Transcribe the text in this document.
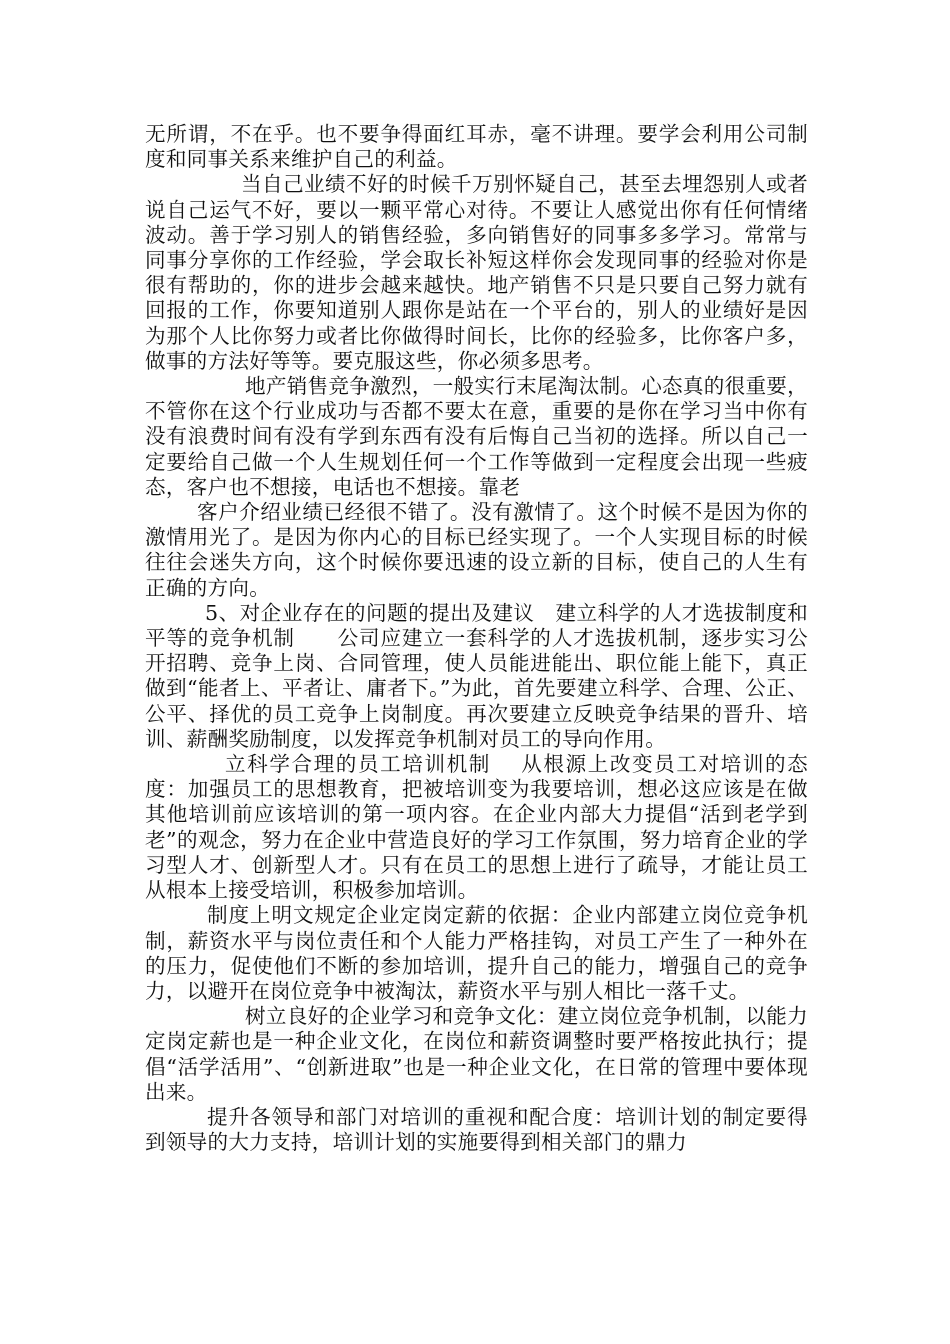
无所谓，不在乎。也不要争得面红耳赤，毫不讲理。要学会利用公司制度和同事关系来维护自己的利益。

当自己业绩不好的时候千万别怀疑自己，甚至去埋怨别人或者说自己运气不好，要以一颗平常心对待。不要让人感觉出你有任何情绪波动。善于学习别人的销售经验，多向销售好的同事多多学习。常常与同事分享你的工作经验，学会取长补短这样你会发现同事的经验对你是很有帮助的，你的进步会越来越快。地产销售不只是只要自己努力就有回报的工作，你要知道别人跟你是站在一个平台的，别人的业绩好是因为那个人比你努力或者比你做得时间长，比你的经验多，比你客户多，做事的方法好等等。要克服这些，你必须多思考。

地产销售竞争激烈，一般实行末尾淘汰制。心态真的很重要，不管你在这个行业成功与否都不要太在意，重要的是你在学习当中你有没有浪费时间有没有学到东西有没有后悔自己当初的选择。所以自己一定要给自己做一个人生规划任何一个工作等做到一定程度会出现一些疲态，客户也不想接，电话也不想接。靠老

客户介绍业绩已经很不错了。没有激情了。这个时候不是因为你的激情用光了。是因为你内心的目标已经实现了。一个人实现目标的时候往往会迷失方向，这个时候你要迅速的设立新的目标，使自己的人生有正确的方向。

5、对企业存在的问题的提出及建议　建立科学的人才选拔制度和平等的竞争机制　　公司应建立一套科学的人才选拔机制，逐步实习公开招聘、竞争上岗、合同管理，使人员能进能出、职位能上能下，真正做到“能者上、平者让、庸者下。”为此，首先要建立科学、合理、公正、公平、择优的员工竞争上岗制度。再次要建立反映竞争结果的晋升、培训、薪酬奖励制度，以发挥竞争机制对员工的导向作用。

立科学合理的员工培训机制　 从根源上改变员工对培训的态度：加强员工的思想教育，把被培训变为我要培训，想必这应该是在做其他培训前应该培训的第一项内容。在企业内部大力提倡“活到老学到老”的观念，努力在企业中营造良好的学习工作氛围，努力培育企业的学习型人才、创新型人才。只有在员工的思想上进行了疏导，才能让员工从根本上接受培训，积极参加培训。

制度上明文规定企业定岗定薪的依据：企业内部建立岗位竞争机制，薪资水平与岗位责任和个人能力严格挂钩，对员工产生了一种外在的压力，促使他们不断的参加培训，提升自己的能力，增强自己的竞争力，以避开在岗位竞争中被淘汰，薪资水平与别人相比一落千丈。

树立良好的企业学习和竞争文化：建立岗位竞争机制，以能力定岗定薪也是一种企业文化，在岗位和薪资调整时要严格按此执行；提倡“活学活用”、“创新进取”也是一种企业文化，在日常的管理中要体现出来。

提升各领导和部门对培训的重视和配合度：培训计划的制定要得到领导的大力支持，培训计划的实施要得到相关部门的鼎力
